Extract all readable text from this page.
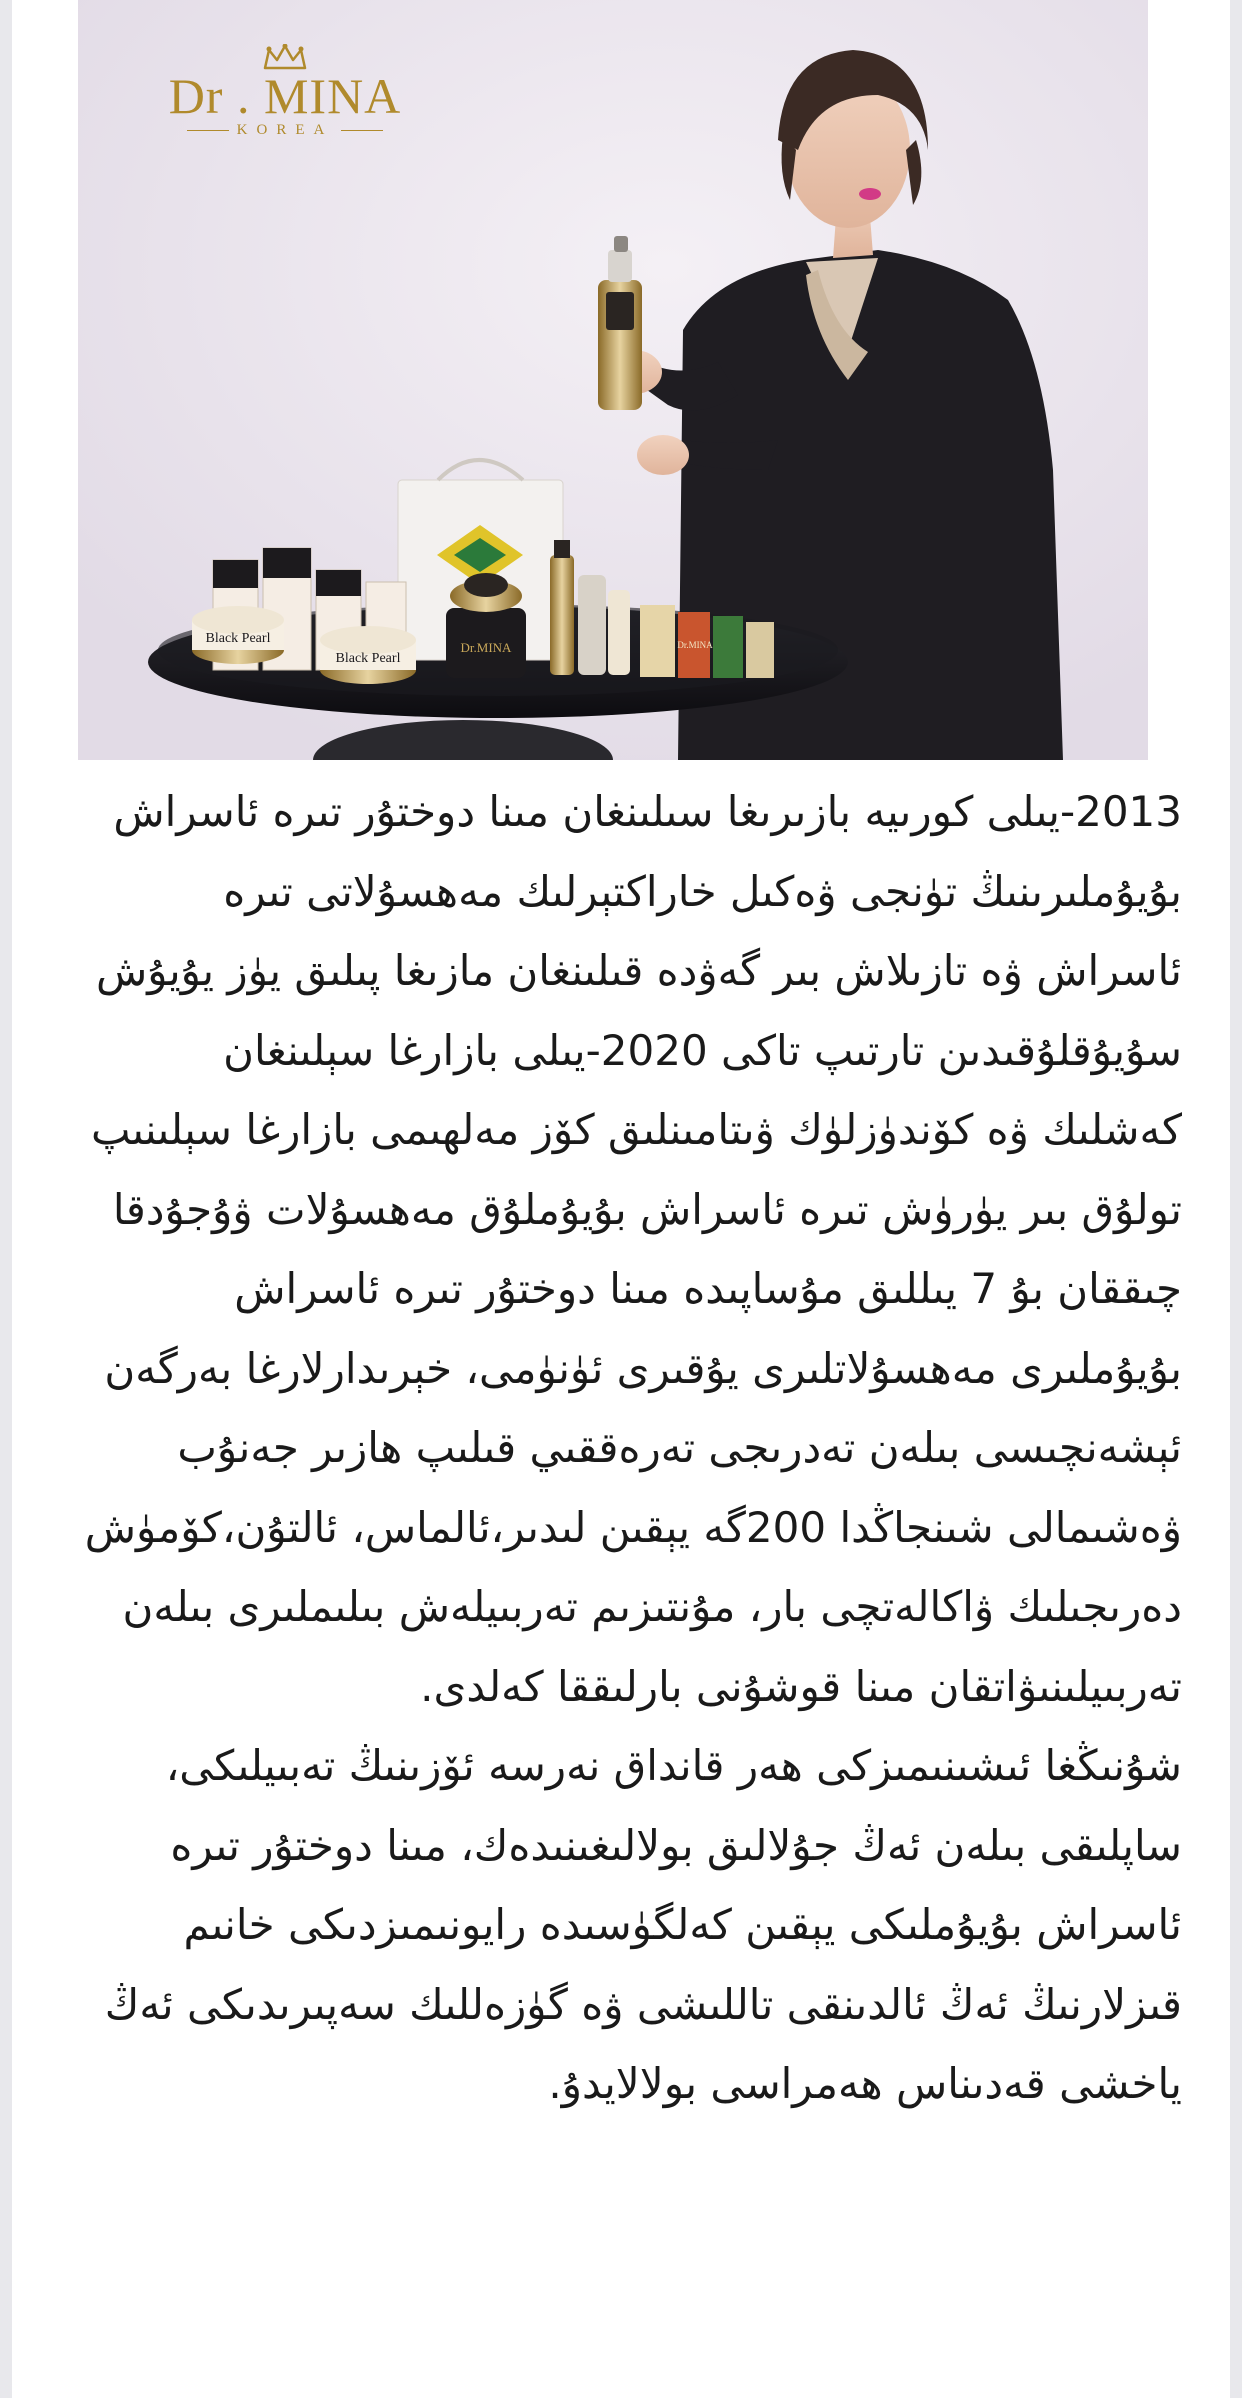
Black Pearl
Black Pearl
Dr.MINA	Dr.MINA
Dr . MINA
KOREA

2013-يىلى كورىيە بازىرىغا سىلىنغان مىنا دوختۇر تىرە ئاسراش بۇيۇملىرىنىڭ تۈنجى ۋەكىل خاراكتېرلىك مەھسۇلاتى تىرە ئاسراش ۋە تازىلاش بىر گەۋدە قىلىنغان مازىغا پىلىق يۈز يۇيۇش سۇيۇقلۇقىدىن تارتىپ تاكى 2020-يىلى بازارغا سېلىنغان كەشلىك ۋە كۆندۈزلۈك ۋىتامىنلىق كۆز مەلھىمى بازارغا سېلىنىپ تولۇق بىر يۈرۈش تىرە ئاسراش بۇيۇملۇق مەھسۇلات ۋۇجۇدقا چىققان بۇ 7 يىللىق مۇساپىدە مىنا دوختۇر تىرە ئاسراش بۇيۇملىرى مەھسۇلاتلىرى يۇقىرى ئۈنۈمى، خېرىدارلارغا بەرگەن ئېشەنچىسى بىلەن تەدرىجى تەرەققىي قىلىپ ھازىر جەنۇب ۋەشىمالى شىنجاڭدا 200گە يېقىن لىدىر،ئالماس، ئالتۇن،كۆمۈش دەرىجىلىك ۋاكالەتچى بار، مۇنتىزىم تەربىيلەش بىلىملىرى بىلەن تەربىيلىنىۋاتقان مىنا قوشۇنى بارلىققا كەلدى.

شۇنىڭغا ئىشىنىمىزكى ھەر قانداق نەرسە ئۆزىنىڭ تەبىيلىكى، ساپلىقى بىلەن ئەڭ جۇلالىق بولالىغىنىدەك، مىنا دوختۇر تىرە ئاسراش بۇيۇملىكى يېقىن كەلگۈسىدە رايونىمىزدىكى خانىم قىزلارنىڭ ئەڭ ئالدىنقى تاللىشى ۋە گۈزەللىك سەپىرىدىكى ئەڭ ياخشى قەدىناس ھەمراسى بولالايدۇ.
